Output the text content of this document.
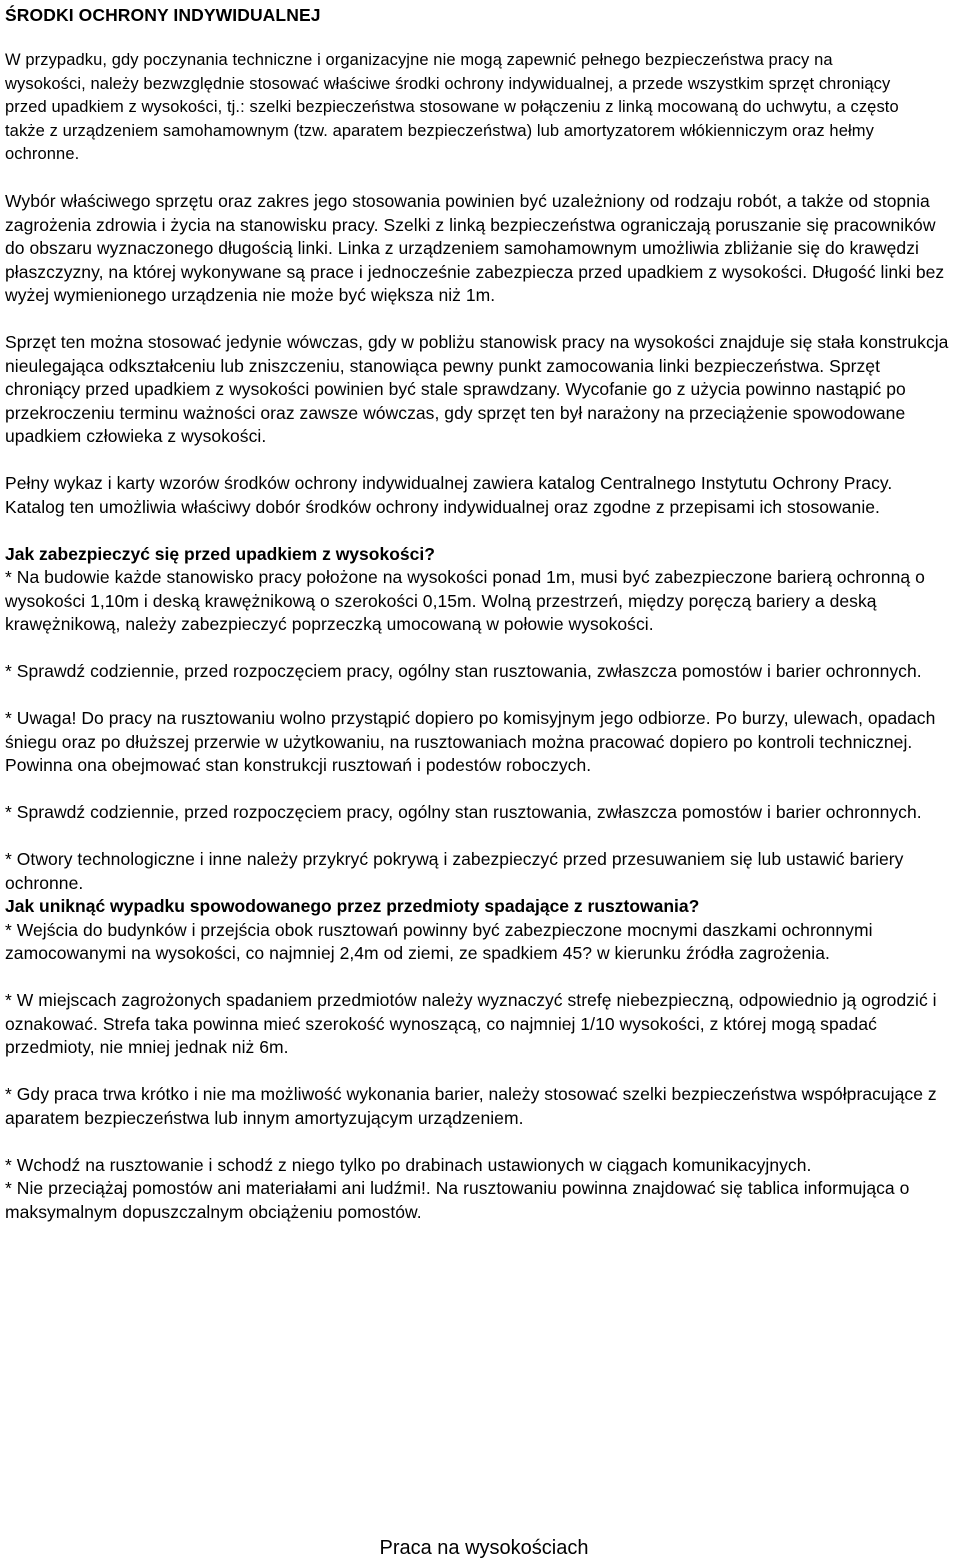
ŚRODKI OCHRONY INDYWIDUALNEJ

W przypadku, gdy poczynania techniczne i organizacyjne nie mogą zapewnić pełnego bezpieczeństwa pracy na wysokości, należy bezwzględnie stosować właściwe środki ochrony indywidualnej, a przede wszystkim sprzęt chroniący przed upadkiem z wysokości, tj.: szelki bezpieczeństwa stosowane w połączeniu z linką mocowaną do uchwytu, a często także z urządzeniem samohamownym (tzw. aparatem bezpieczeństwa) lub amortyzatorem włókienniczym oraz hełmy ochronne.

Wybór właściwego sprzętu oraz zakres jego stosowania powinien być uzależniony od rodzaju robót, a także od stopnia zagrożenia zdrowia i życia na stanowisku pracy. Szelki z linką bezpieczeństwa ograniczają poruszanie się pracowników do obszaru wyznaczonego długością linki. Linka z urządzeniem samohamownym umożliwia zbliżanie się do krawędzi płaszczyzny, na której wykonywane są prace i jednocześnie zabezpiecza przed upadkiem z wysokości. Długość linki bez wyżej wymienionego urządzenia nie może być większa niż 1m.

Sprzęt ten można stosować jedynie wówczas, gdy w pobliżu stanowisk pracy na wysokości znajduje się stała konstrukcja nieulegająca odkształceniu lub zniszczeniu, stanowiąca pewny punkt zamocowania linki bezpieczeństwa. Sprzęt chroniący przed upadkiem z wysokości powinien być stale sprawdzany. Wycofanie go z użycia powinno nastąpić po przekroczeniu terminu ważności oraz zawsze wówczas, gdy sprzęt ten był narażony na przeciążenie spowodowane upadkiem człowieka z wysokości.

Pełny wykaz i karty wzorów środków ochrony indywidualnej zawiera katalog Centralnego Instytutu Ochrony Pracy. Katalog ten umożliwia właściwy dobór środków ochrony indywidualnej oraz zgodne z przepisami ich stosowanie.

Jak zabezpieczyć się przed upadkiem z wysokości?

* Na budowie każde stanowisko pracy położone na wysokości ponad 1m, musi być zabezpieczone barierą ochronną o wysokości 1,10m i deską krawężnikową o szerokości 0,15m. Wolną przestrzeń, między poręczą bariery a deską krawężnikową, należy zabezpieczyć poprzeczką umocowaną w połowie wysokości.

* Sprawdź codziennie, przed rozpoczęciem pracy, ogólny stan rusztowania, zwłaszcza pomostów i barier ochronnych.

* Uwaga! Do pracy na rusztowaniu wolno przystąpić dopiero po komisyjnym jego odbiorze. Po burzy, ulewach, opadach śniegu oraz po dłuższej przerwie w użytkowaniu, na rusztowaniach można pracować dopiero po kontroli technicznej. Powinna ona obejmować stan konstrukcji rusztowań i podestów roboczych.

* Sprawdź codziennie, przed rozpoczęciem pracy, ogólny stan rusztowania, zwłaszcza pomostów i barier ochronnych.

* Otwory technologiczne i inne należy przykryć pokrywą i zabezpieczyć przed przesuwaniem się lub ustawić bariery ochronne.

Jak uniknąć wypadku spowodowanego przez przedmioty spadające z rusztowania?

* Wejścia do budynków i przejścia obok rusztowań powinny być zabezpieczone mocnymi daszkami ochronnymi zamocowanymi na wysokości, co najmniej 2,4m od ziemi, ze spadkiem 45? w kierunku źródła zagrożenia.

* W miejscach zagrożonych spadaniem przedmiotów należy wyznaczyć strefę niebezpieczną, odpowiednio ją ogrodzić i oznakować. Strefa taka powinna mieć szerokość wynoszącą, co najmniej 1/10 wysokości, z której mogą spadać przedmioty, nie mniej jednak niż 6m.

* Gdy praca trwa krótko i nie ma możliwość wykonania barier, należy stosować szelki bezpieczeństwa współpracujące z aparatem bezpieczeństwa lub innym amortyzującym urządzeniem.

* Wchodź na rusztowanie i schodź z niego tylko po drabinach ustawionych w ciągach komunikacyjnych.

* Nie przeciążaj pomostów ani materiałami ani ludźmi!. Na rusztowaniu powinna znajdować się tablica informująca o maksymalnym dopuszczalnym obciążeniu pomostów.

Praca na wysokościach
